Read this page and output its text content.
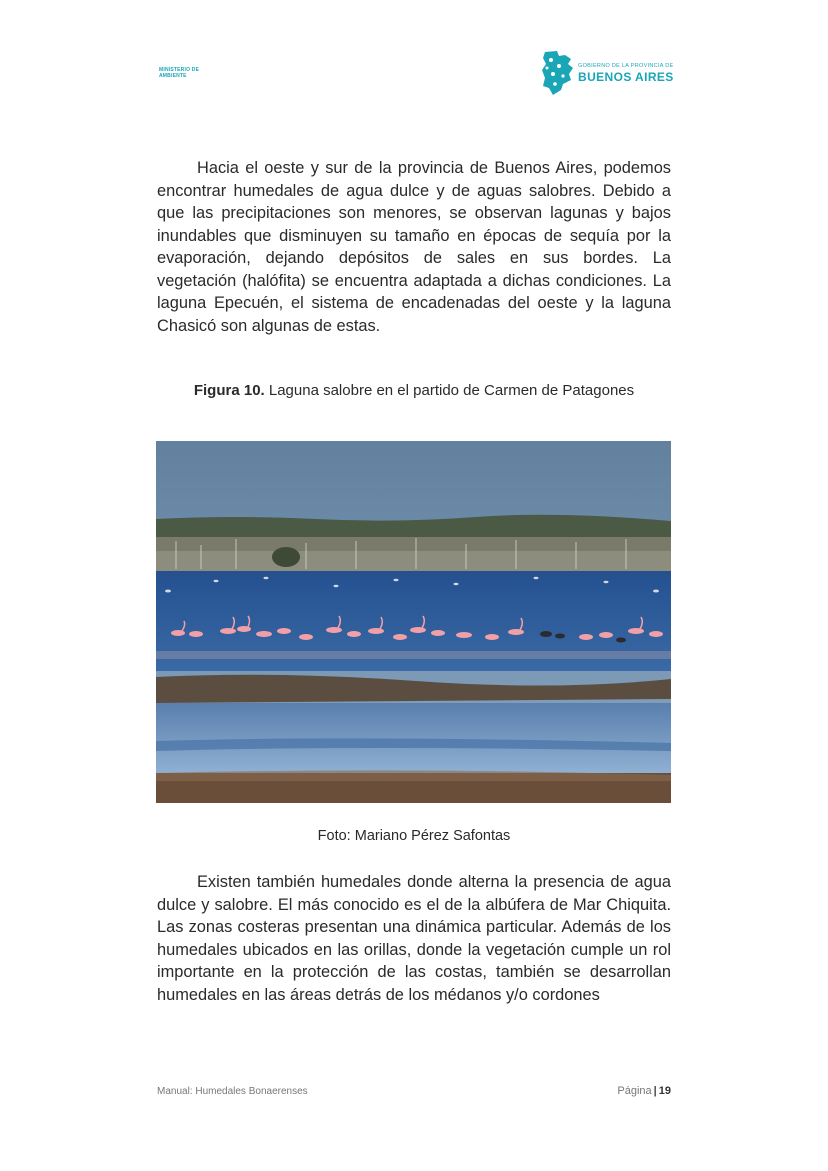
MINISTERIO DE AMBIENTE
GOBIERNO DE LA PROVINCIA DE
BUENOS AIRES

Hacia el oeste y sur de la provincia de Buenos Aires, podemos encontrar humedales de agua dulce y de aguas salobres. Debido a que las precipitaciones son menores, se observan lagunas y bajos inundables que disminuyen su tamaño en épocas de sequía por la evaporación, dejando depósitos de sales en sus bordes. La vegetación (halófita) se encuentra adaptada a dichas condiciones. La laguna Epecuén, el sistema de encadenadas del oeste y la laguna Chasicó son algunas de estas.

Figura 10. Laguna salobre en el partido de Carmen de Patagones
Foto: Mariano Pérez Safontas

Existen también humedales donde alterna la presencia de agua dulce y salobre. El más conocido es el de la albúfera de Mar Chiquita. Las zonas costeras presentan una dinámica particular. Además de los humedales ubicados en las orillas, donde la vegetación cumple un rol importante en la protección de las costas, también se desarrollan humedales en las áreas detrás de los médanos y/o cordones

Manual: Humedales Bonaerenses	Página | 19
